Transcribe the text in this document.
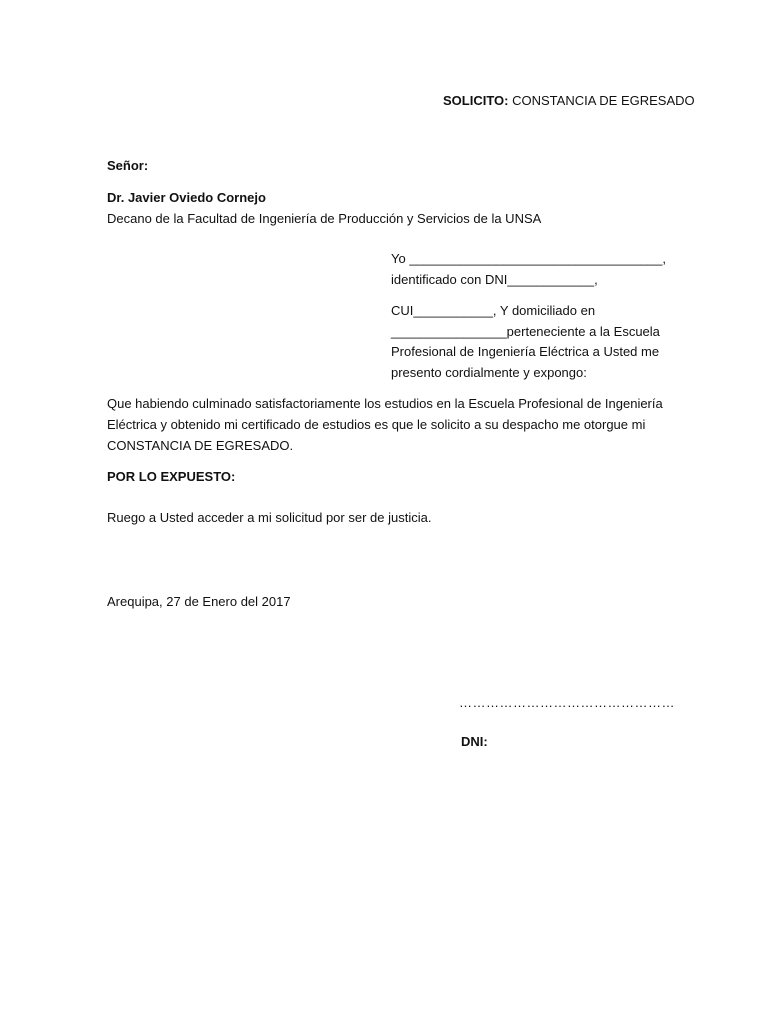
SOLICITO: CONSTANCIA DE EGRESADO
Señor:
Dr. Javier Oviedo Cornejo
Decano de la Facultad de Ingeniería de Producción y Servicios de la UNSA
Yo ___________________________________,
identificado con DNI____________,
CUI___________, Y domiciliado en
________________perteneciente a la Escuela
Profesional de Ingeniería Eléctrica a Usted me
presento cordialmente y expongo:
Que habiendo culminado satisfactoriamente los estudios en la Escuela Profesional de Ingeniería
Eléctrica y obtenido mi certificado de estudios es que le solicito a su despacho me otorgue mi
CONSTANCIA DE EGRESADO.
POR LO EXPUESTO:
Ruego a Usted acceder a mi solicitud por ser de justicia.
Arequipa, 27 de Enero del 2017
…………………………………………
DNI:
